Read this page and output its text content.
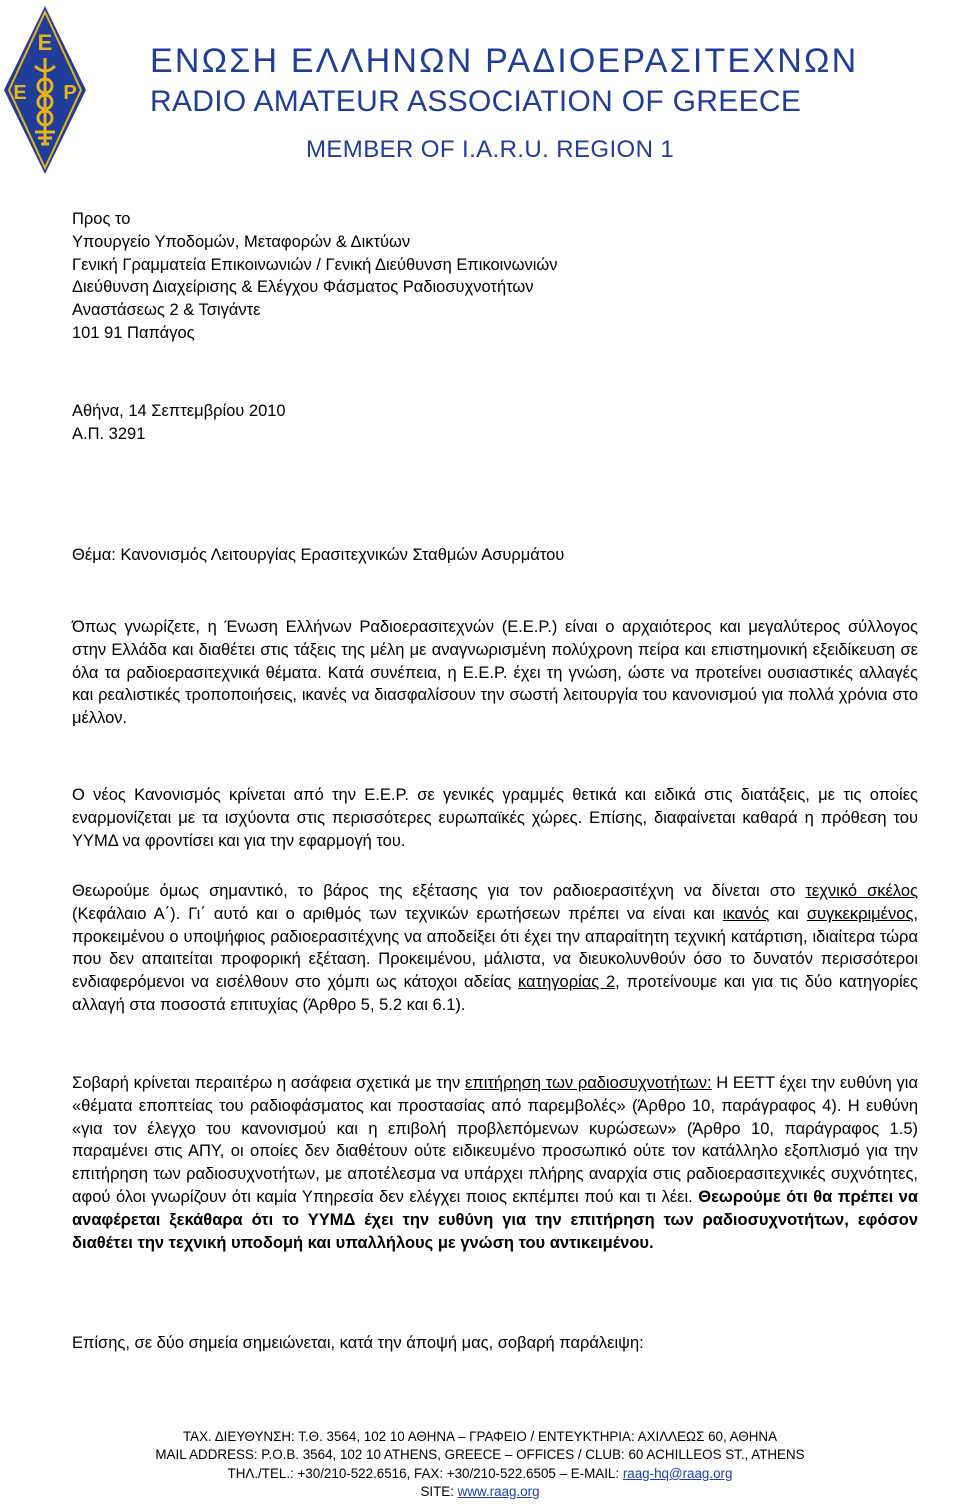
Ε
Ε Ρ
ΕΝΩΣΗ ΕΛΛΗΝΩΝ ΡΑΔΙΟΕΡΑΣΙΤΕΧΝΩΝ
RADIO AMATEUR ASSOCIATION OF GREECE
MEMBER OF I.A.R.U. REGION 1
Προς το
Υπουργείο Υποδομών, Μεταφορών & Δικτύων
Γενική Γραμματεία Επικοινωνιών / Γενική Διεύθυνση Επικοινωνιών
Διεύθυνση Διαχείρισης & Ελέγχου Φάσματος Ραδιοσυχνοτήτων
Αναστάσεως 2 & Τσιγάντε
101 91 Παπάγος
Αθήνα, 14 Σεπτεμβρίου 2010
Α.Π. 3291
Θέμα: Κανονισμός Λειτουργίας Ερασιτεχνικών Σταθμών Ασυρμάτου
Όπως γνωρίζετε, η Ένωση Ελλήνων Ραδιοερασιτεχνών (Ε.Ε.Ρ.) είναι ο αρχαιότερος και μεγαλύτερος σύλλογος στην Ελλάδα και διαθέτει στις τάξεις της μέλη με αναγνωρισμένη πολύχρονη πείρα και επιστημονική εξειδίκευση σε όλα τα ραδιοερασιτεχνικά θέματα. Κατά συνέπεια, η Ε.Ε.Ρ. έχει τη γνώση, ώστε να προτείνει ουσιαστικές αλλαγές και ρεαλιστικές τροποποιήσεις, ικανές να διασφαλίσουν την σωστή λειτουργία του κανονισμού για πολλά χρόνια στο μέλλον.
Ο νέος Κανονισμός κρίνεται από την Ε.Ε.Ρ. σε γενικές γραμμές θετικά και ειδικά στις διατάξεις, με τις οποίες εναρμονίζεται με τα ισχύοντα στις περισσότερες ευρωπαϊκές χώρες. Επίσης, διαφαίνεται καθαρά η πρόθεση του ΥΥΜΔ να φροντίσει και για την εφαρμογή του.
Θεωρούμε όμως σημαντικό, το βάρος της εξέτασης για τον ραδιοερασιτέχνη να δίνεται στο τεχνικό σκέλος (Κεφάλαιο Α΄). Γι΄ αυτό και ο αριθμός των τεχνικών ερωτήσεων πρέπει να είναι και ικανός και συγκεκριμένος, προκειμένου ο υποψήφιος ραδιοερασιτέχνης να αποδείξει ότι έχει την απαραίτητη τεχνική κατάρτιση, ιδιαίτερα τώρα που δεν απαιτείται προφορική εξέταση. Προκειμένου, μάλιστα, να διευκολυνθούν όσο το δυνατόν περισσότεροι ενδιαφερόμενοι να εισέλθουν στο χόμπι ως κάτοχοι αδείας κατηγορίας 2, προτείνουμε και για τις δύο κατηγορίες αλλαγή στα ποσοστά επιτυχίας (Άρθρο 5, 5.2 και 6.1).
Σοβαρή κρίνεται περαιτέρω η ασάφεια σχετικά με την επιτήρηση των ραδιοσυχνοτήτων: Η ΕΕΤΤ έχει την ευθύνη για «θέματα εποπτείας του ραδιοφάσματος και προστασίας από παρεμβολές» (Άρθρο 10, παράγραφος 4). Η ευθύνη «για τον έλεγχο του κανονισμού και η επιβολή προβλεπόμενων κυρώσεων» (Άρθρο 10, παράγραφος 1.5) παραμένει στις ΑΠΥ, οι οποίες δεν διαθέτουν ούτε ειδικευμένο προσωπικό ούτε τον κατάλληλο εξοπλισμό για την επιτήρηση των ραδιοσυχνοτήτων, με αποτέλεσμα να υπάρχει πλήρης αναρχία στις ραδιοερασιτεχνικές συχνότητες, αφού όλοι γνωρίζουν ότι καμία Υπηρεσία δεν ελέγχει ποιος εκπέμπει πού και τι λέει. Θεωρούμε ότι θα πρέπει να αναφέρεται ξεκάθαρα ότι το ΥΥΜΔ έχει την ευθύνη για την επιτήρηση των ραδιοσυχνοτήτων, εφόσον διαθέτει την τεχνική υποδομή και υπαλλήλους με γνώση του αντικειμένου.
Επίσης, σε δύο σημεία σημειώνεται, κατά την άποψή μας, σοβαρή παράλειψη:
ΤΑΧ. ΔΙΕΥΘΥΝΣΗ: Τ.Θ. 3564, 102 10 ΑΘΗΝΑ – ΓΡΑΦΕΙΟ / ΕΝΤΕΥΚΤΗΡΙΑ: ΑΧΙΛΛΕΩΣ 60, ΑΘΗΝΑ
MAIL ADDRESS: P.O.B. 3564, 102 10 ATHENS, GREECE – OFFICES / CLUB: 60 ACHILLEOS ST., ATHENS
ΤΗΛ./TEL.: +30/210-522.6516, FAX: +30/210-522.6505 – E-MAIL: raag-hq@raag.org
SITE: www.raag.org
